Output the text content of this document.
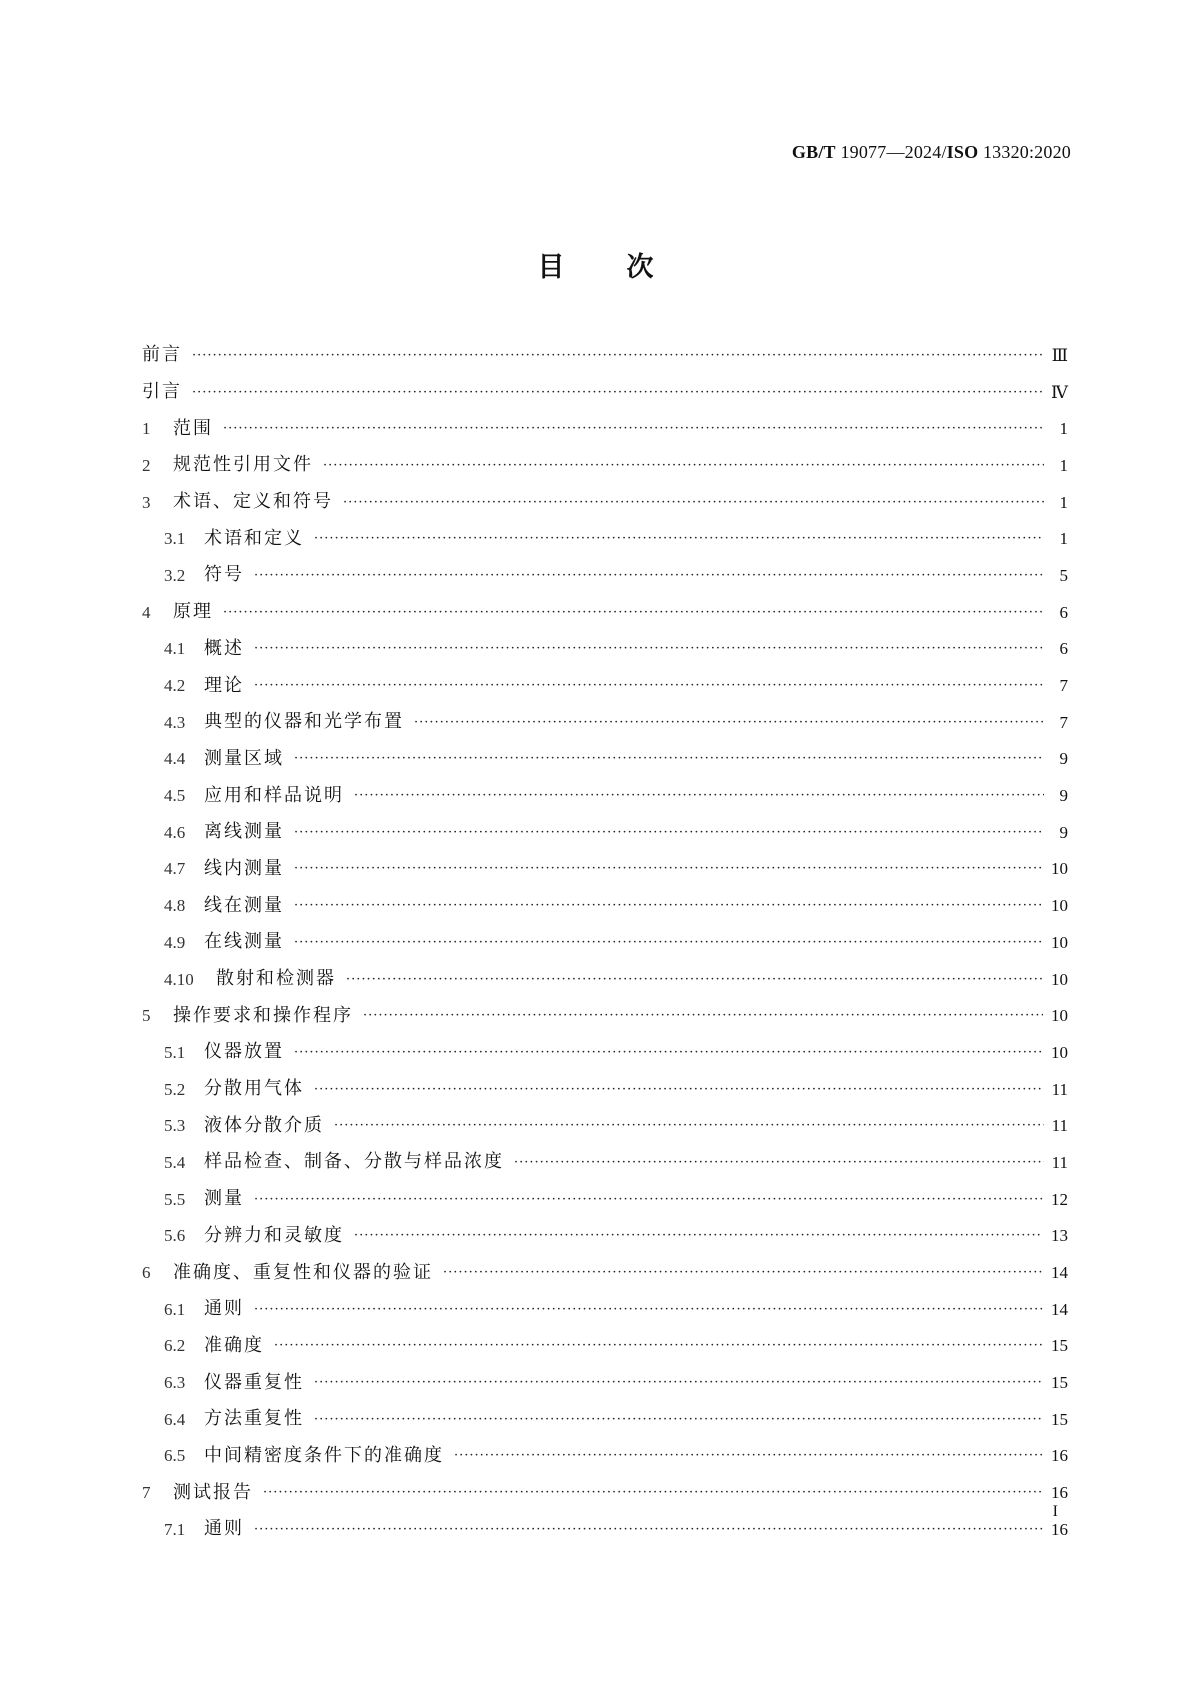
GB/T 19077—2024/ISO 13320:2020
目 次
前言 ·····	Ⅲ
引言 ·····	Ⅳ
1	范围 ·····	1
2	规范性引用文件 ·····	1
3	术语、定义和符号 ·····	1
3.1 术语和定义 ·····	1
3.2 符号 ·····	5
4	原理 ·····	6
4.1 概述 ·····	6
4.2 理论 ·····	7
4.3 典型的仪器和光学布置 ·····	7
4.4 测量区域 ·····	9
4.5 应用和样品说明 ·····	9
4.6 离线测量 ·····	9
4.7 线内测量 ·····	10
4.8 线在测量 ·····	10
4.9 在线测量 ·····	10
4.10	散射和检测器 ·····	10
5	操作要求和操作程序 ·····	10
5.1 仪器放置 ·····	10
5.2 分散用气体 ·····	11
5.3 液体分散介质 ·····	11
5.4 样品检查、制备、分散与样品浓度 ·····	11
5.5 测量 ·····	12
5.6 分辨力和灵敏度 ·····	13
6	准确度、重复性和仪器的验证 ·····	14
6.1 通则 ·····	14
6.2 准确度 ·····	15
6.3 仪器重复性 ·····	15
6.4 方法重复性 ·····	15
6.5 中间精密度条件下的准确度 ·····	16
7	测试报告 ·····	16
7.1 通则 ·····	16
I
